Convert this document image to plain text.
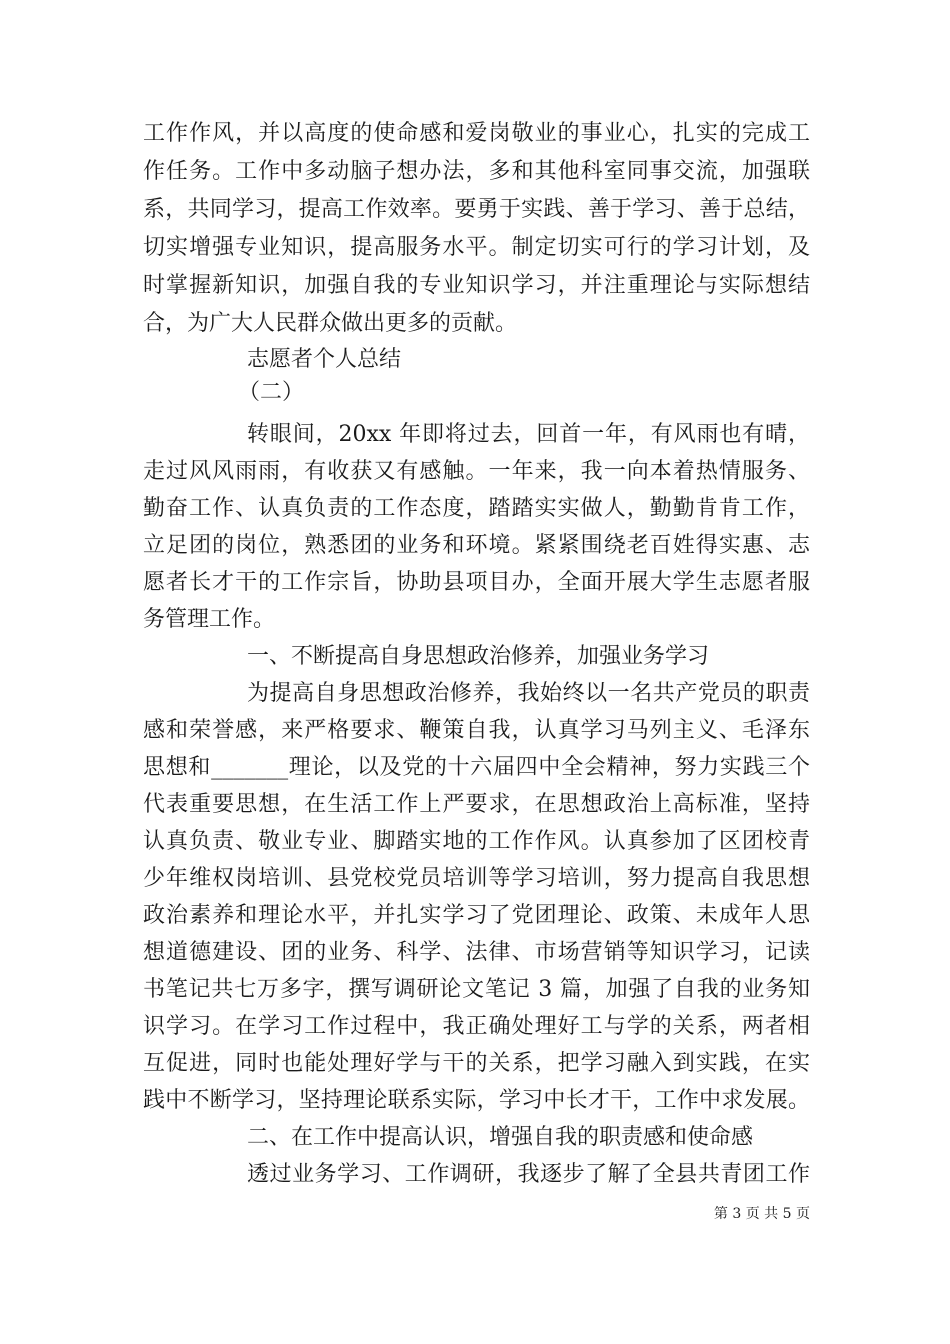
工作作风，并以高度的使命感和爱岗敬业的事业心，扎实的完成工
作任务。工作中多动脑子想办法，多和其他科室同事交流，加强联
系，共同学习，提高工作效率。要勇于实践、善于学习、善于总结，
切实增强专业知识，提高服务水平。制定切实可行的学习计划，及
时掌握新知识，加强自我的专业知识学习，并注重理论与实际想结
合，为广大人民群众做出更多的贡献。
志愿者个人总结
（二）
转眼间，20xx 年即将过去，回首一年，有风雨也有晴，
走过风风雨雨，有收获又有感触。一年来，我一向本着热情服务、
勤奋工作、认真负责的工作态度，踏踏实实做人，勤勤肯肯工作，
立足团的岗位，熟悉团的业务和环境。紧紧围绕老百姓得实惠、志
愿者长才干的工作宗旨，协助县项目办，全面开展大学生志愿者服
务管理工作。
一、不断提高自身思想政治修养，加强业务学习
为提高自身思想政治修养，我始终以一名共产党员的职责
感和荣誉感，来严格要求、鞭策自我，认真学习马列主义、毛泽东
思想和_______理论，以及党的十六届四中全会精神，努力实践三个
代表重要思想，在生活工作上严要求，在思想政治上高标准，坚持
认真负责、敬业专业、脚踏实地的工作作风。认真参加了区团校青
少年维权岗培训、县党校党员培训等学习培训，努力提高自我思想
政治素养和理论水平，并扎实学习了党团理论、政策、未成年人思
想道德建设、团的业务、科学、法律、市场营销等知识学习，记读
书笔记共七万多字，撰写调研论文笔记 3 篇，加强了自我的业务知
识学习。在学习工作过程中，我正确处理好工与学的关系，两者相
互促进，同时也能处理好学与干的关系，把学习融入到实践，在实
践中不断学习，坚持理论联系实际，学习中长才干，工作中求发展。
二、在工作中提高认识，增强自我的职责感和使命感
透过业务学习、工作调研，我逐步了解了全县共青团工作
第 3 页 共 5 页
